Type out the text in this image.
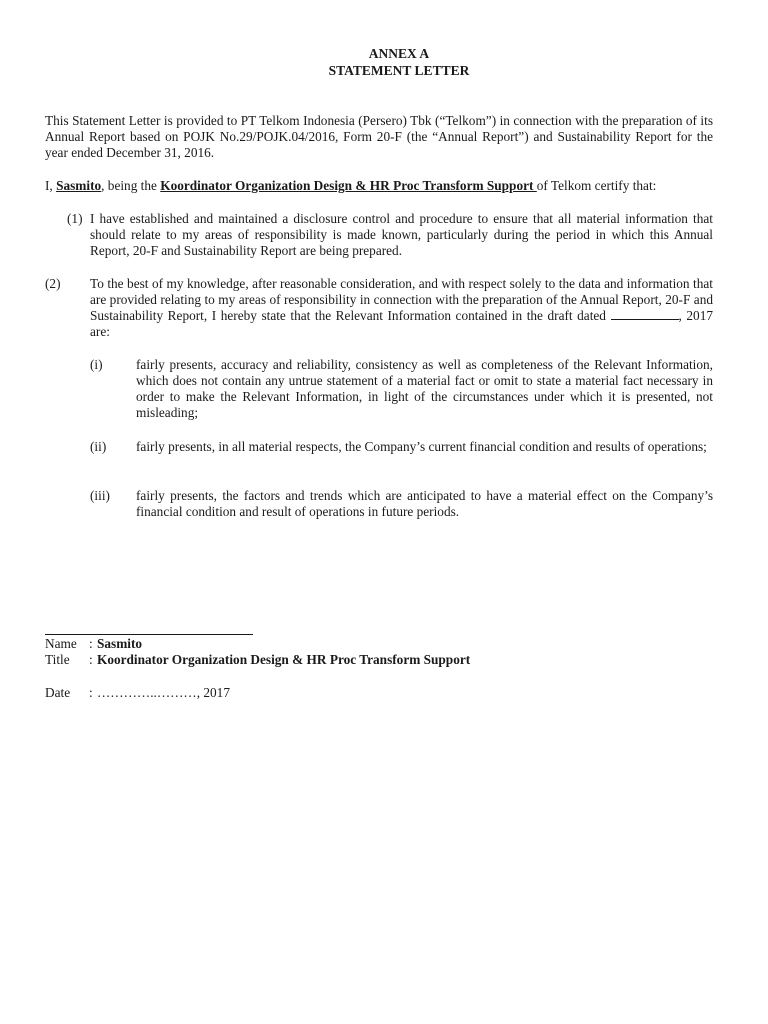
ANNEX A
STATEMENT LETTER

This Statement Letter is provided to PT Telkom Indonesia (Persero) Tbk (“Telkom”) in connection with the preparation of its Annual Report based on POJK No.29/POJK.04/2016, Form 20-F (the “Annual Report”) and Sustainability Report for the year ended December 31, 2016.

I, Sasmito, being the Koordinator Organization Design & HR Proc Transform Support of Telkom certify that:

(1) I have established and maintained a disclosure control and procedure to ensure that all material information that should relate to my areas of responsibility is made known, particularly during the period in which this Annual Report, 20-F and Sustainability Report are being prepared.

(2) To the best of my knowledge, after reasonable consideration, and with respect solely to the data and information that are provided relating to my areas of responsibility in connection with the preparation of the Annual Report, 20-F and Sustainability Report, I hereby state that the Relevant Information contained in the draft dated	, 2017 are:

(i)	fairly presents, accuracy and reliability, consistency as well as completeness of the Relevant Information, which does not contain any untrue statement of a material fact or omit to state a material fact necessary in order to make the Relevant Information, in light of the circumstances under which it is presented, not misleading;

(ii) fairly presents, in all material respects, the Company’s current financial condition and results of operations;

(iii) fairly presents, the factors and trends which are anticipated to have a material effect on the Company’s financial condition and result of operations in future periods.

Name : Sasmito
Title : Koordinator Organization Design & HR Proc Transform Support
Date : …………..………, 2017
